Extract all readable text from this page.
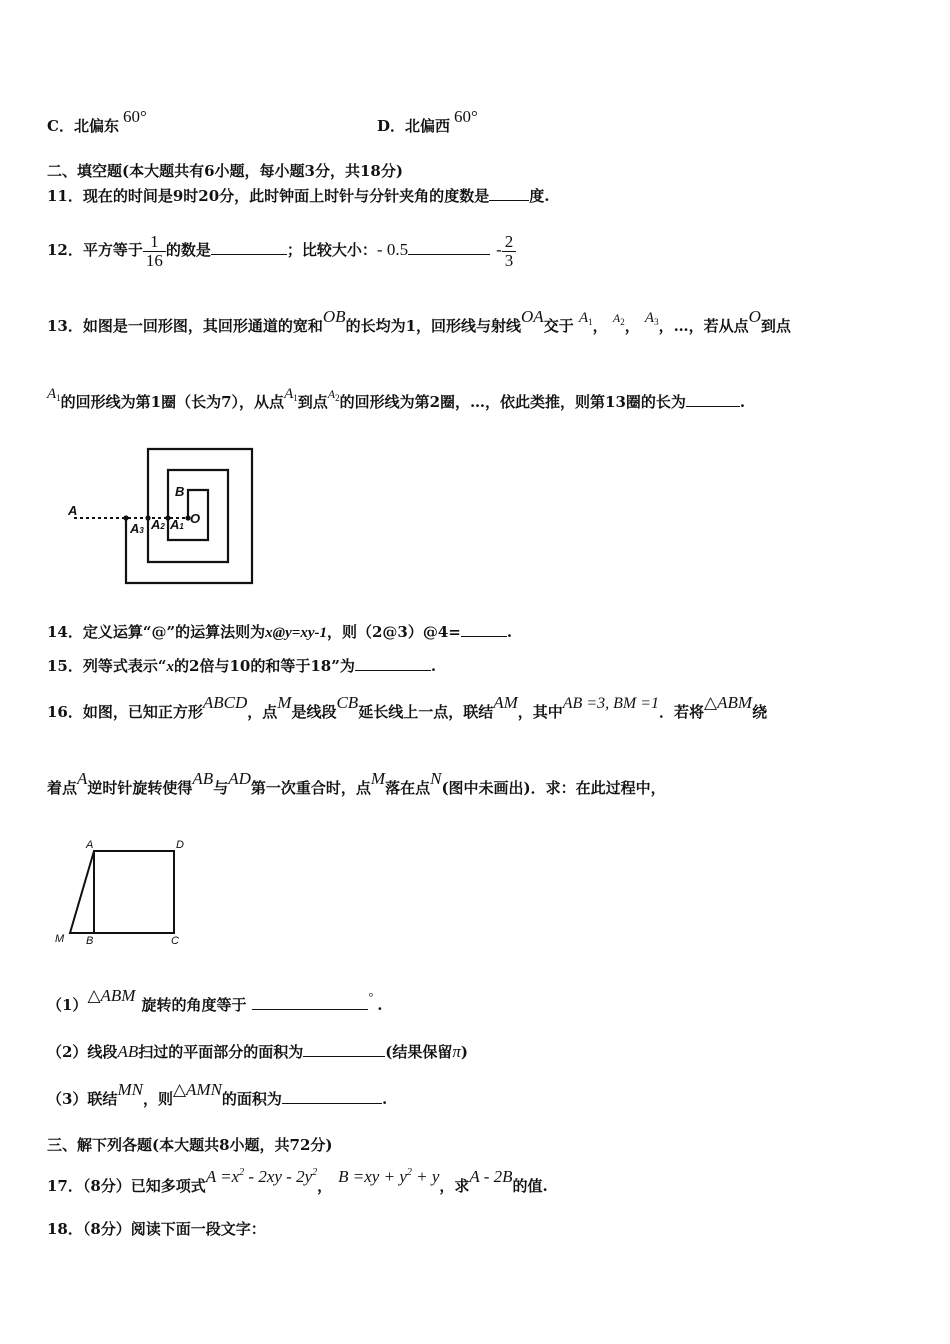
C．北偏东 60°	D．北偏西 60°
二、填空题(本大题共有6小题，每小题3分，共18分)
11．现在的时间是9时20分，此时钟面上时针与分针夹角的度数是	度.
12．平方等于 $\frac{1}{16}$ 的数是	；比较大小：- 0.5	- $\frac{2}{3}$
13．如图是一回形图，其回形通道的宽和OB的长均为1，回形线与射线OA交于 $A_1$， $^{A_2}$， $A_3$，…，若从点O到点
$A_1$的回形线为第1圈（长为7），从点$A_1$到点$^{A_2}$的回形线为第2圈，…，依此类推，则第13圈的长为	.
A
B
O
A3 A2 A1
14．定义运算“@”的运算法则为x@y=xy-1，则（2@3）@4=	.
15．列等式表示“x的2倍与10的和等于18”为	.
16．如图，已知正方形ABCD，点M是线段CB延长线上一点，联结AM，其中AB =3, BM =1．若将△ABM绕
着点A逆时针旋转使得AB与AD第一次重合时，点M落在点N(图中未画出)．求：在此过程中，
A	D
M B	C
（1）△ABM 旋转的角度等于	° .
（2）线段AB扫过的平面部分的面积为	(结果保留π)
（3）联结MN，则△AMN的面积为	.
三、解下列各题(本大题共8小题，共72分)
17．（8分）已知多项式$A =x^2 - 2xy - 2y^2$， $B =xy + y^2 + y$，求A - 2B的值.
18．（8分）阅读下面一段文字：
